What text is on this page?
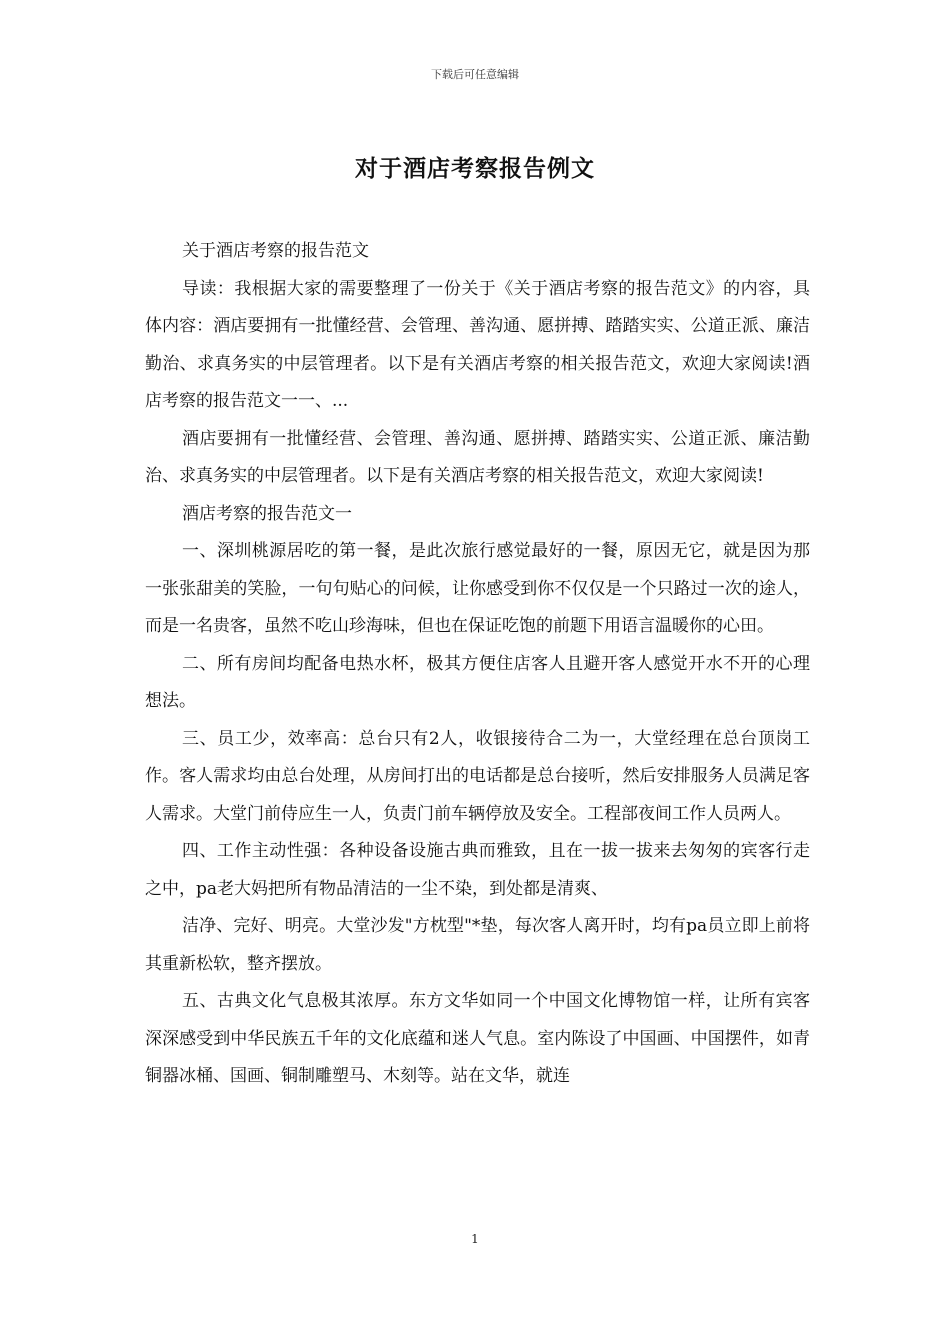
下载后可任意编辑
对于酒店考察报告例文

关于酒店考察的报告范文

导读：我根据大家的需要整理了一份关于《关于酒店考察的报告范文》的内容，具体内容：酒店要拥有一批懂经营、会管理、善沟通、愿拼搏、踏踏实实、公道正派、廉洁勤治、求真务实的中层管理者。以下是有关酒店考察的相关报告范文，欢迎大家阅读!酒店考察的报告范文一一、...

酒店要拥有一批懂经营、会管理、善沟通、愿拼搏、踏踏实实、公道正派、廉洁勤治、求真务实的中层管理者。以下是有关酒店考察的相关报告范文，欢迎大家阅读!

酒店考察的报告范文一

一、深圳桃源居吃的第一餐，是此次旅行感觉最好的一餐，原因无它，就是因为那一张张甜美的笑脸，一句句贴心的问候，让你感受到你不仅仅是一个只路过一次的途人，而是一名贵客，虽然不吃山珍海味，但也在保证吃饱的前题下用语言温暖你的心田。

二、所有房间均配备电热水杯，极其方便住店客人且避开客人感觉开水不开的心理想法。

三、员工少，效率高：总台只有2人，收银接待合二为一，大堂经理在总台顶岗工作。客人需求均由总台处理，从房间打出的电话都是总台接听，然后安排服务人员满足客人需求。大堂门前侍应生一人，负责门前车辆停放及安全。工程部夜间工作人员两人。

四、工作主动性强：各种设备设施古典而雅致，且在一拔一拔来去匆匆的宾客行走之中，pa老大妈把所有物品清洁的一尘不染，到处都是清爽、

洁净、完好、明亮。大堂沙发"方枕型"*垫，每次客人离开时，均有pa员立即上前将其重新松软，整齐摆放。

五、古典文化气息极其浓厚。东方文华如同一个中国文化博物馆一样，让所有宾客深深感受到中华民族五千年的文化底蕴和迷人气息。室内陈设了中国画、中国摆件，如青铜器冰桶、国画、铜制雕塑马、木刻等。站在文华，就连

1
